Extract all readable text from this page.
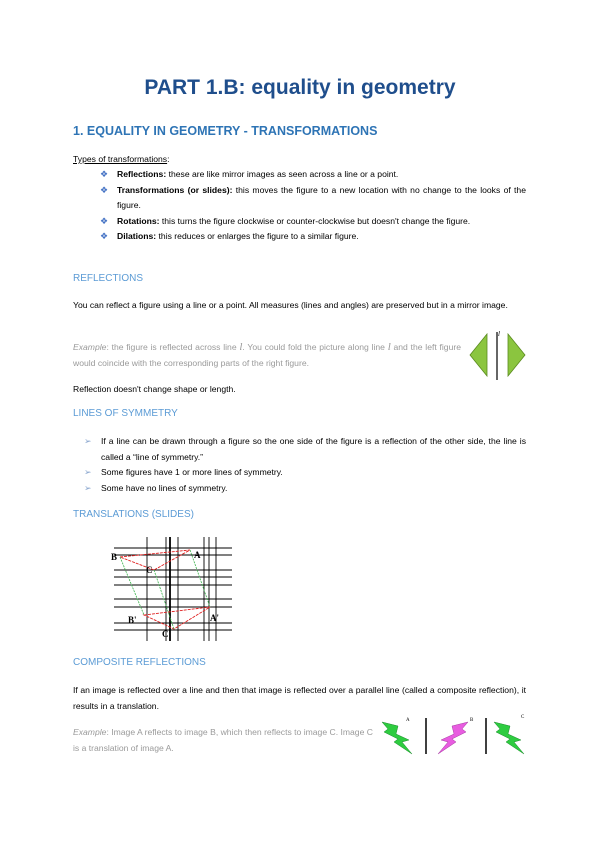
PART 1.B: equality in geometry
1. EQUALITY IN GEOMETRY - TRANSFORMATIONS
Types of transformations:
❖ Reflections: these are like mirror images as seen across a line or a point.
❖ Transformations (or slides): this moves the figure to a new location with no change to the looks of the figure.
❖ Rotations: this turns the figure clockwise or counter-clockwise but doesn't change the figure.
❖ Dilations: this reduces or enlarges the figure to a similar figure.
REFLECTIONS
You can reflect a figure using a line or a point. All measures (lines and angles) are preserved but in a mirror image.
Example: the figure is reflected across line l. You could fold the picture along line l and the left figure would coincide with the corresponding parts of the right figure.
l
Reflection doesn't change shape or length.
LINES OF SYMMETRY
➢ If a line can be drawn through a figure so the one side of the figure is a reflection of the other side, the line is called a “line of symmetry.”
➢ Some figures have 1 or more lines of symmetry.
➢ Some have no lines of symmetry.
TRANSLATIONS (SLIDES)
B	A
C
B'
C'
A'
COMPOSITE REFLECTIONS
If an image is reflected over a line and then that image is reflected over a parallel line (called a composite reflection), it results in a translation.
Example: Image A reflects to image B, which then reflects to image C. Image C is a translation of image A.
A	B
C
